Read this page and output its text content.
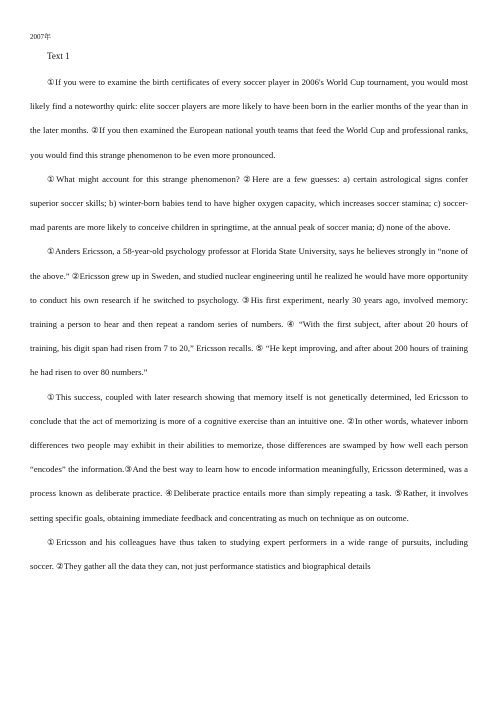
2007年
Text 1

①If you were to examine the birth certificates of every soccer player in 2006's World Cup tournament, you would most likely find a noteworthy quirk: elite soccer players are more likely to have been born in the earlier months of the year than in the later months. ②If you then examined the European national youth teams that feed the World Cup and professional ranks, you would find this strange phenomenon to be even more pronounced.

①What might account for this strange phenomenon? ②Here are a few guesses: a) certain astrological signs confer superior soccer skills; b) winter-born babies tend to have higher oxygen capacity, which increases soccer stamina; c) soccer-mad parents are more likely to conceive children in springtime, at the annual peak of soccer mania; d) none of the above.

①Anders Ericsson, a 58-year-old psychology professor at Florida State University, says he believes strongly in “none of the above.” ②Ericsson grew up in Sweden, and studied nuclear engineering until he realized he would have more opportunity to conduct his own research if he switched to psychology. ③His first experiment, nearly 30 years ago, involved memory: training a person to hear and then repeat a random series of numbers. ④ “With the first subject, after about 20 hours of training, his digit span had risen from 7 to 20,” Ericsson recalls. ⑤ “He kept improving, and after about 200 hours of training he had risen to over 80 numbers.”

①This success, coupled with later research showing that memory itself is not genetically determined, led Ericsson to conclude that the act of memorizing is more of a cognitive exercise than an intuitive one. ②In other words, whatever inborn differences two people may exhibit in their abilities to memorize, those differences are swamped by how well each person “encodes” the information.③And the best way to learn how to encode information meaningfully, Ericsson determined, was a process known as deliberate practice. ④Deliberate practice entails more than simply repeating a task. ⑤Rather, it involves setting specific goals, obtaining immediate feedback and concentrating as much on technique as on outcome.

①Ericsson and his colleagues have thus taken to studying expert performers in a wide range of pursuits, including soccer. ②They gather all the data they can, not just performance statistics and biographical details
